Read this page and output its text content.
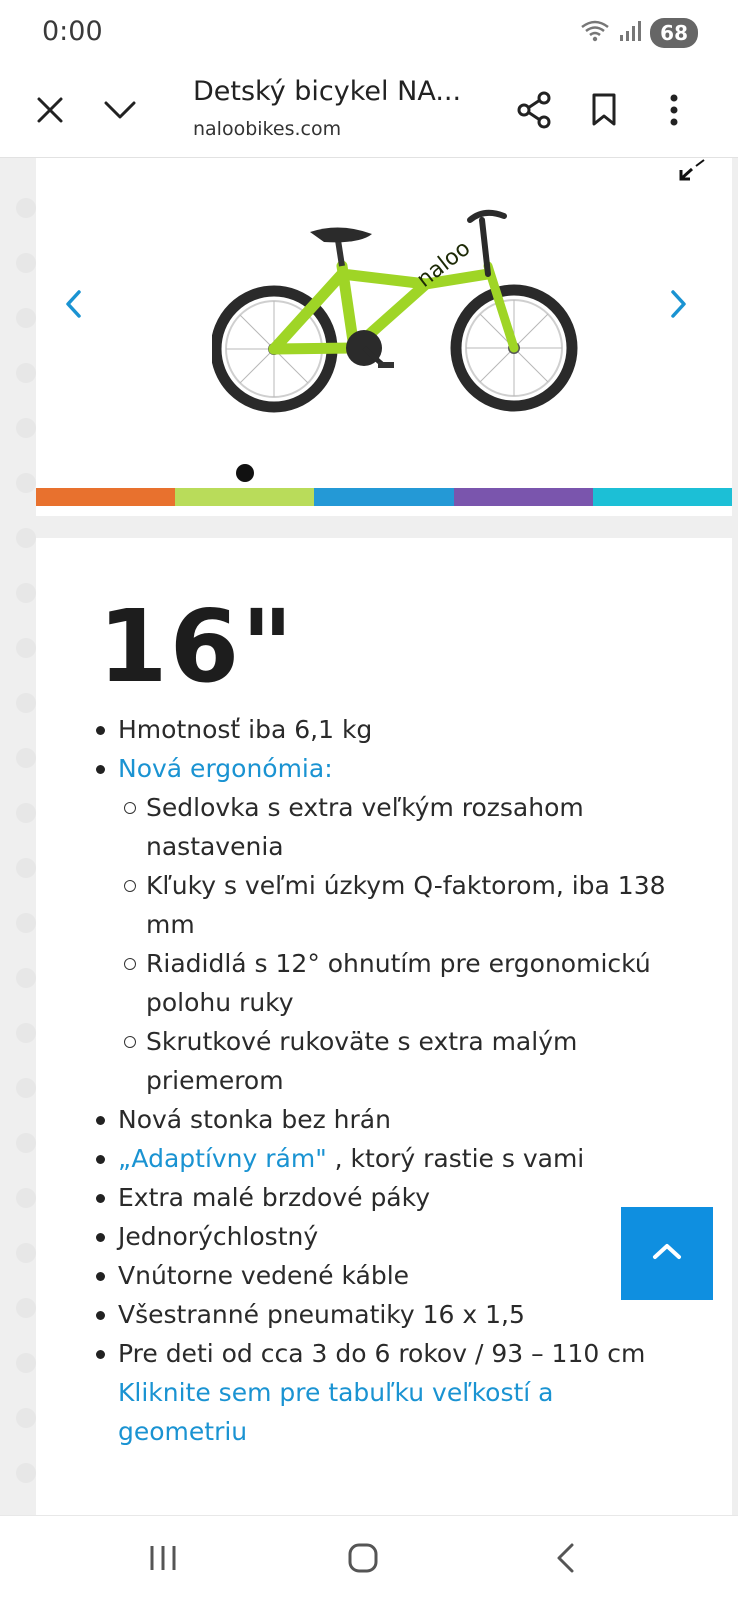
0:00	68
Detský bicykel NA...
naloobikes.com
naloo
16"
Hmotnosť iba 6,1 kg
Nová ergonómia:
Sedlovka s extra veľkým rozsahom nastavenia
Kľuky s veľmi úzkym Q-faktorom, iba 138 mm
Riadidlá s 12° ohnutím pre ergonomickú polohu ruky
Skrutkové rukoväte s extra malým priemerom
Nová stonka bez hrán
„Adaptívny rám" , ktorý rastie s vami
Extra malé brzdové páky
Jednorýchlostný
Vnútorne vedené káble
Všestranné pneumatiky 16 x 1,5
Pre deti od cca 3 do 6 rokov / 93 – 110 cm
Kliknite sem pre tabuľku veľkostí a geometriu
